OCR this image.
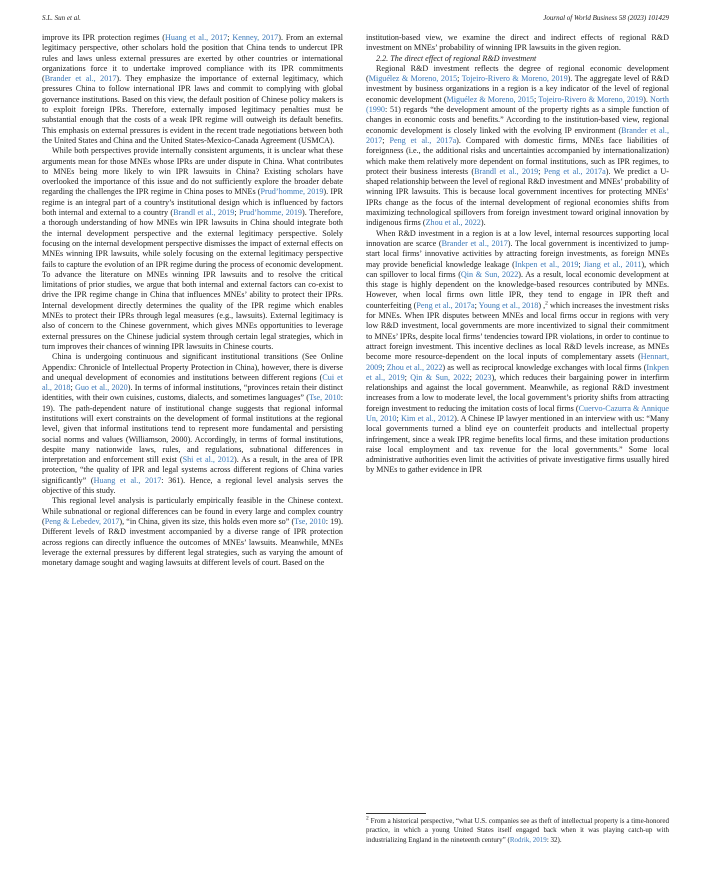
S.L. Sun et al.	Journal of World Business 58 (2023) 101429

improve its IPR protection regimes (Huang et al., 2017; Kenney, 2017). From an external legitimacy perspective, other scholars hold the position that China tends to undercut IPR rules and laws unless external pressures are exerted by other countries or international organizations force it to undertake improved compliance with its IPR commitments (Brander et al., 2017). They emphasize the importance of external legitimacy, which pressures China to follow international IPR laws and commit to complying with global governance institutions. Based on this view, the default position of Chinese policy makers is to exploit foreign IPRs. Therefore, externally imposed legitimacy penalties must be substantial enough that the costs of a weak IPR regime will outweigh its default benefits. This emphasis on external pressures is evident in the recent trade negotiations between both the United States and China and the United States-Mexico-Canada Agreement (USMCA).

While both perspectives provide internally consistent arguments, it is unclear what these arguments mean for those MNEs whose IPRs are under dispute in China. What contributes to MNEs being more likely to win IPR lawsuits in China? Existing scholars have overlooked the importance of this issue and do not sufficiently explore the broader debate regarding the challenges the IPR regime in China poses to MNEs (Prud’homme, 2019). IPR regime is an integral part of a country’s institutional design which is influenced by factors both internal and external to a country (Brandl et al., 2019; Prud’homme, 2019). Therefore, a thorough understanding of how MNEs win IPR lawsuits in China should integrate both the internal development perspective and the external legitimacy perspective. Solely focusing on the internal development perspective dismisses the impact of external effects on MNEs winning IPR lawsuits, while solely focusing on the external legitimacy perspective fails to capture the evolution of an IPR regime during the process of economic development. To advance the literature on MNEs winning IPR lawsuits and to resolve the critical limitations of prior studies, we argue that both internal and external factors can co-exist to drive the IPR regime change in China that influences MNEs’ ability to protect their IPRs. Internal development directly determines the quality of the IPR regime which enables MNEs to protect their IPRs through legal measures (e.g., lawsuits). External legitimacy is also of concern to the Chinese government, which gives MNEs opportunities to leverage external pressures on the Chinese judicial system through certain legal strategies, which in turn improves their chances of winning IPR lawsuits in Chinese courts.

China is undergoing continuous and significant institutional transitions (See Online Appendix: Chronicle of Intellectual Property Protection in China), however, there is diverse and unequal development of economies and institutions between different regions (Cui et al., 2018; Guo et al., 2020). In terms of informal institutions, “provinces retain their distinct identities, with their own cuisines, customs, dialects, and sometimes languages” (Tse, 2010: 19). The path-dependent nature of institutional change suggests that regional informal institutions will exert constraints on the development of formal institutions at the regional level, given that informal institutions tend to represent more fundamental and persisting social norms and values (Williamson, 2000). Accordingly, in terms of formal institutions, despite many nationwide laws, rules, and regulations, subnational differences in interpretation and enforcement still exist (Shi et al., 2012). As a result, in the area of IPR protection, “the quality of IPR and legal systems across different regions of China varies significantly” (Huang et al., 2017: 361). Hence, a regional level analysis serves the objective of this study.

This regional level analysis is particularly empirically feasible in the Chinese context. While subnational or regional differences can be found in every large and complex country (Peng & Lebedev, 2017), “in China, given its size, this holds even more so” (Tse, 2010: 19). Different levels of R&D investment accompanied by a diverse range of IPR protection across regions can directly influence the outcomes of MNEs’ lawsuits. Meanwhile, MNEs leverage the external pressures by different legal strategies, such as varying the amount of monetary damage sought and waging lawsuits at different levels of court. Based on the

institution-based view, we examine the direct and indirect effects of regional R&D investment on MNEs’ probability of winning IPR lawsuits in the given region.

2.2. The direct effect of regional R&D investment

Regional R&D investment reflects the degree of regional economic development (Miguélez & Moreno, 2015; Tojeiro-Rivero & Moreno, 2019). The aggregate level of R&D investment by business organizations in a region is a key indicator of the level of regional economic development (Miguélez & Moreno, 2015; Tojeiro-Rivero & Moreno, 2019). North (1990: 51) regards “the development amount of the property rights as a simple function of changes in economic costs and benefits.” According to the institution-based view, regional economic development is closely linked with the evolving IP environment (Brander et al., 2017; Peng et al., 2017a). Compared with domestic firms, MNEs face liabilities of foreignness (i.e., the additional risks and uncertainties accompanied by internationalization) which make them relatively more dependent on formal institutions, such as IPR regimes, to protect their business interests (Brandl et al., 2019; Peng et al., 2017a). We predict a U-shaped relationship between the level of regional R&D investment and MNEs’ probability of winning IPR lawsuits. This is because local government incentives for protecting MNEs’ IPRs change as the focus of the internal development of regional economies shifts from maximizing technological spillovers from foreign investment toward original innovation by indigenous firms (Zhou et al., 2022).

When R&D investment in a region is at a low level, internal resources supporting local innovation are scarce (Brander et al., 2017). The local government is incentivized to jump-start local firms’ innovative activities by attracting foreign investments, as foreign MNEs may provide beneficial knowledge leakage (Inkpen et al., 2019; Jiang et al., 2011), which can spillover to local firms (Qin & Sun, 2022). As a result, local economic development at this stage is highly dependent on the knowledge-based resources contributed by MNEs. However, when local firms own little IPR, they tend to engage in IPR theft and counterfeiting (Peng et al., 2017a; Young et al., 2018) ,$^2$ which increases the investment risks for MNEs. When IPR disputes between MNEs and local firms occur in regions with very low R&D investment, local governments are more incentivized to signal their commitment to MNEs’ IPRs, despite local firms’ tendencies toward IPR violations, in order to continue to attract foreign investment. This incentive declines as local R&D levels increase, as MNEs become more resource-dependent on the local inputs of complementary assets (Hennart, 2009; Zhou et al., 2022) as well as reciprocal knowledge exchanges with local firms (Inkpen et al., 2019; Qin & Sun, 2022; 2023), which reduces their bargaining power in interfirm relationships and against the local government. Meanwhile, as regional R&D investment increases from a low to moderate level, the local government’s priority shifts from attracting foreign investment to reducing the imitation costs of local firms (Cuervo-Cazurra & Annique Un, 2010; Kim et al., 2012). A Chinese IP lawyer mentioned in an interview with us: “Many local governments turned a blind eye on counterfeit products and intellectual property infringement, since a weak IPR regime benefits local firms, and these imitation productions raise local employment and tax revenue for the local governments.” Some local administrative authorities even limit the activities of private investigative firms usually hired by MNEs to gather evidence in IPR

$^2$ From a historical perspective, “what U.S. companies see as theft of intellectual property is a time-honored practice, in which a young United States itself engaged back when it was playing catch-up with industrializing England in the nineteenth century” (Rodrik, 2019: 32).
